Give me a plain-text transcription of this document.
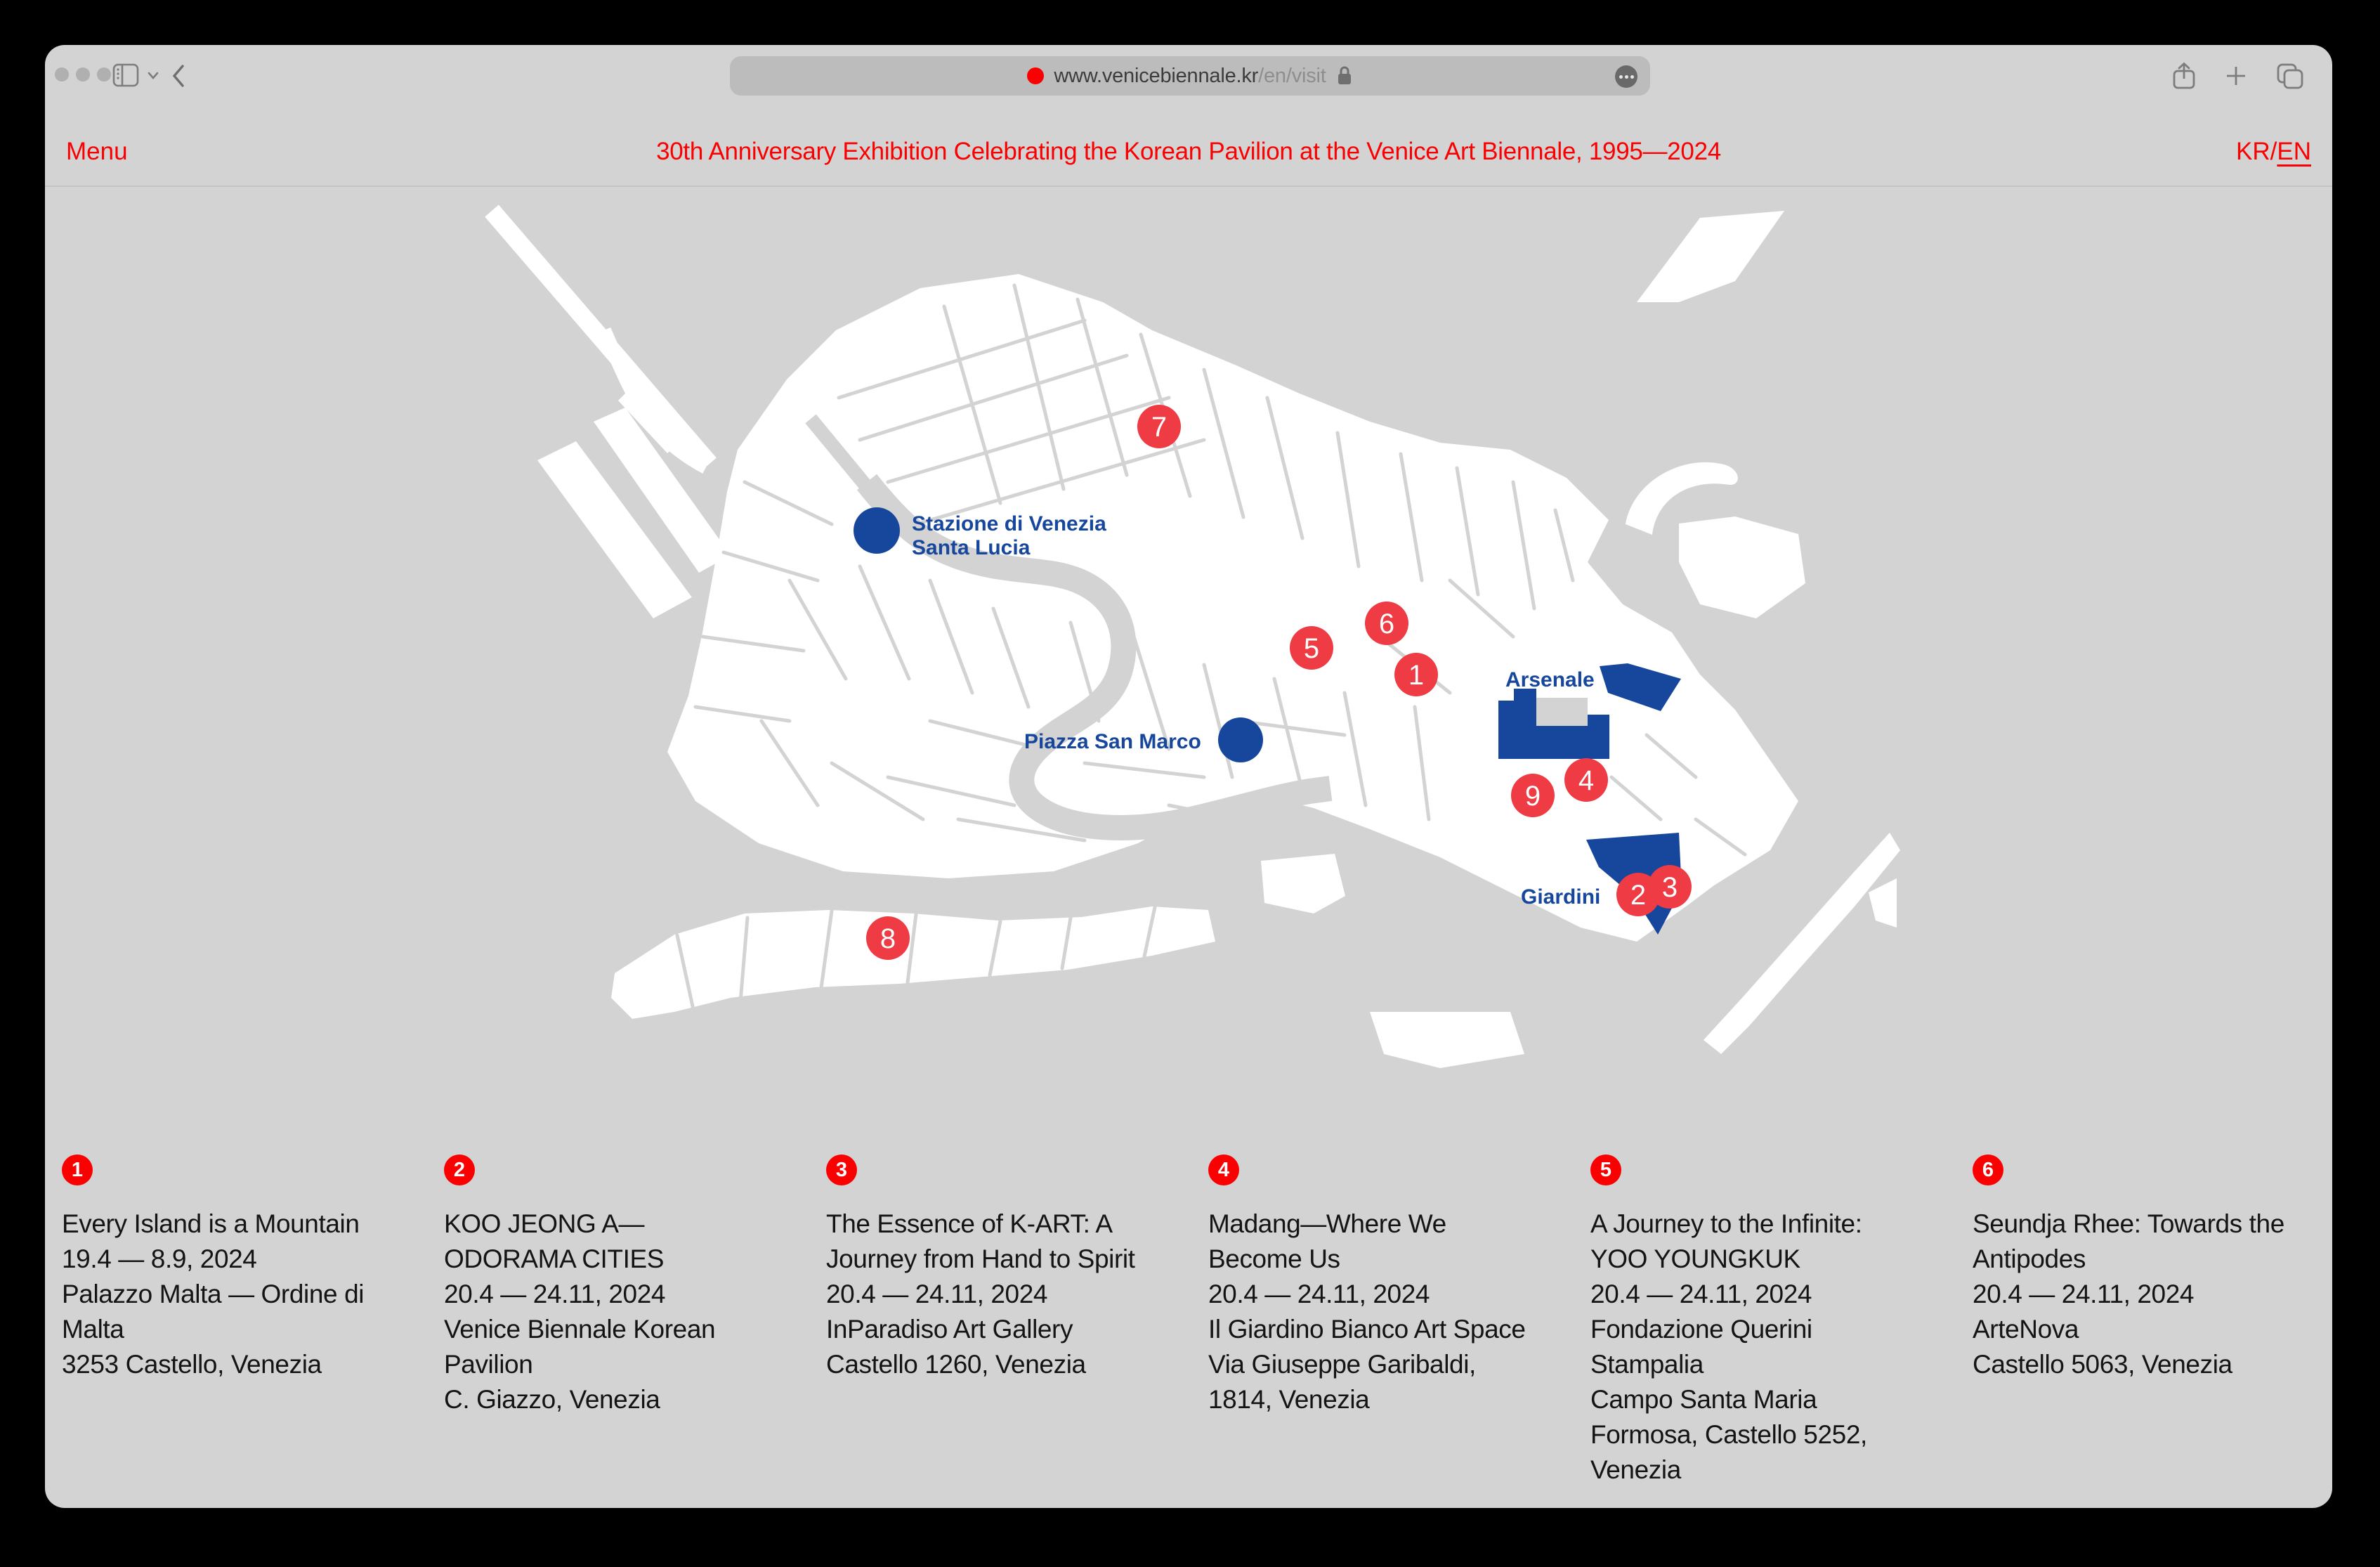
www.venicebiennale.kr/en/visit
Menu	30th Anniversary Exhibition Celebrating the Korean Pavilion at the Venice Art Biennale, 1995—2024	KR/EN
Stazione di Venezia
Santa Lucia
Piazza San Marco
Arsenale
Giardini
7
5
6
1
9 4
3
2
8
1
Every Island is a Mountain
19.4 — 8.9, 2024
Palazzo Malta — Ordine di Malta
3253 Castello, Venezia
2
KOO JEONG A—ODORAMA CITIES
20.4 — 24.11, 2024
Venice Biennale Korean Pavilion
C. Giazzo, Venezia
3
The Essence of K-ART: A Journey from Hand to Spirit
20.4 — 24.11, 2024
InParadiso Art Gallery
Castello 1260, Venezia
4
Madang—Where We Become Us
20.4 — 24.11, 2024
Il Giardino Bianco Art Space
Via Giuseppe Garibaldi, 1814, Venezia
5
A Journey to the Infinite: YOO YOUNGKUK
20.4 — 24.11, 2024
Fondazione Querini Stampalia
Campo Santa Maria Formosa, Castello 5252, Venezia
6
Seundja Rhee: Towards the Antipodes
20.4 — 24.11, 2024
ArteNova
Castello 5063, Venezia
